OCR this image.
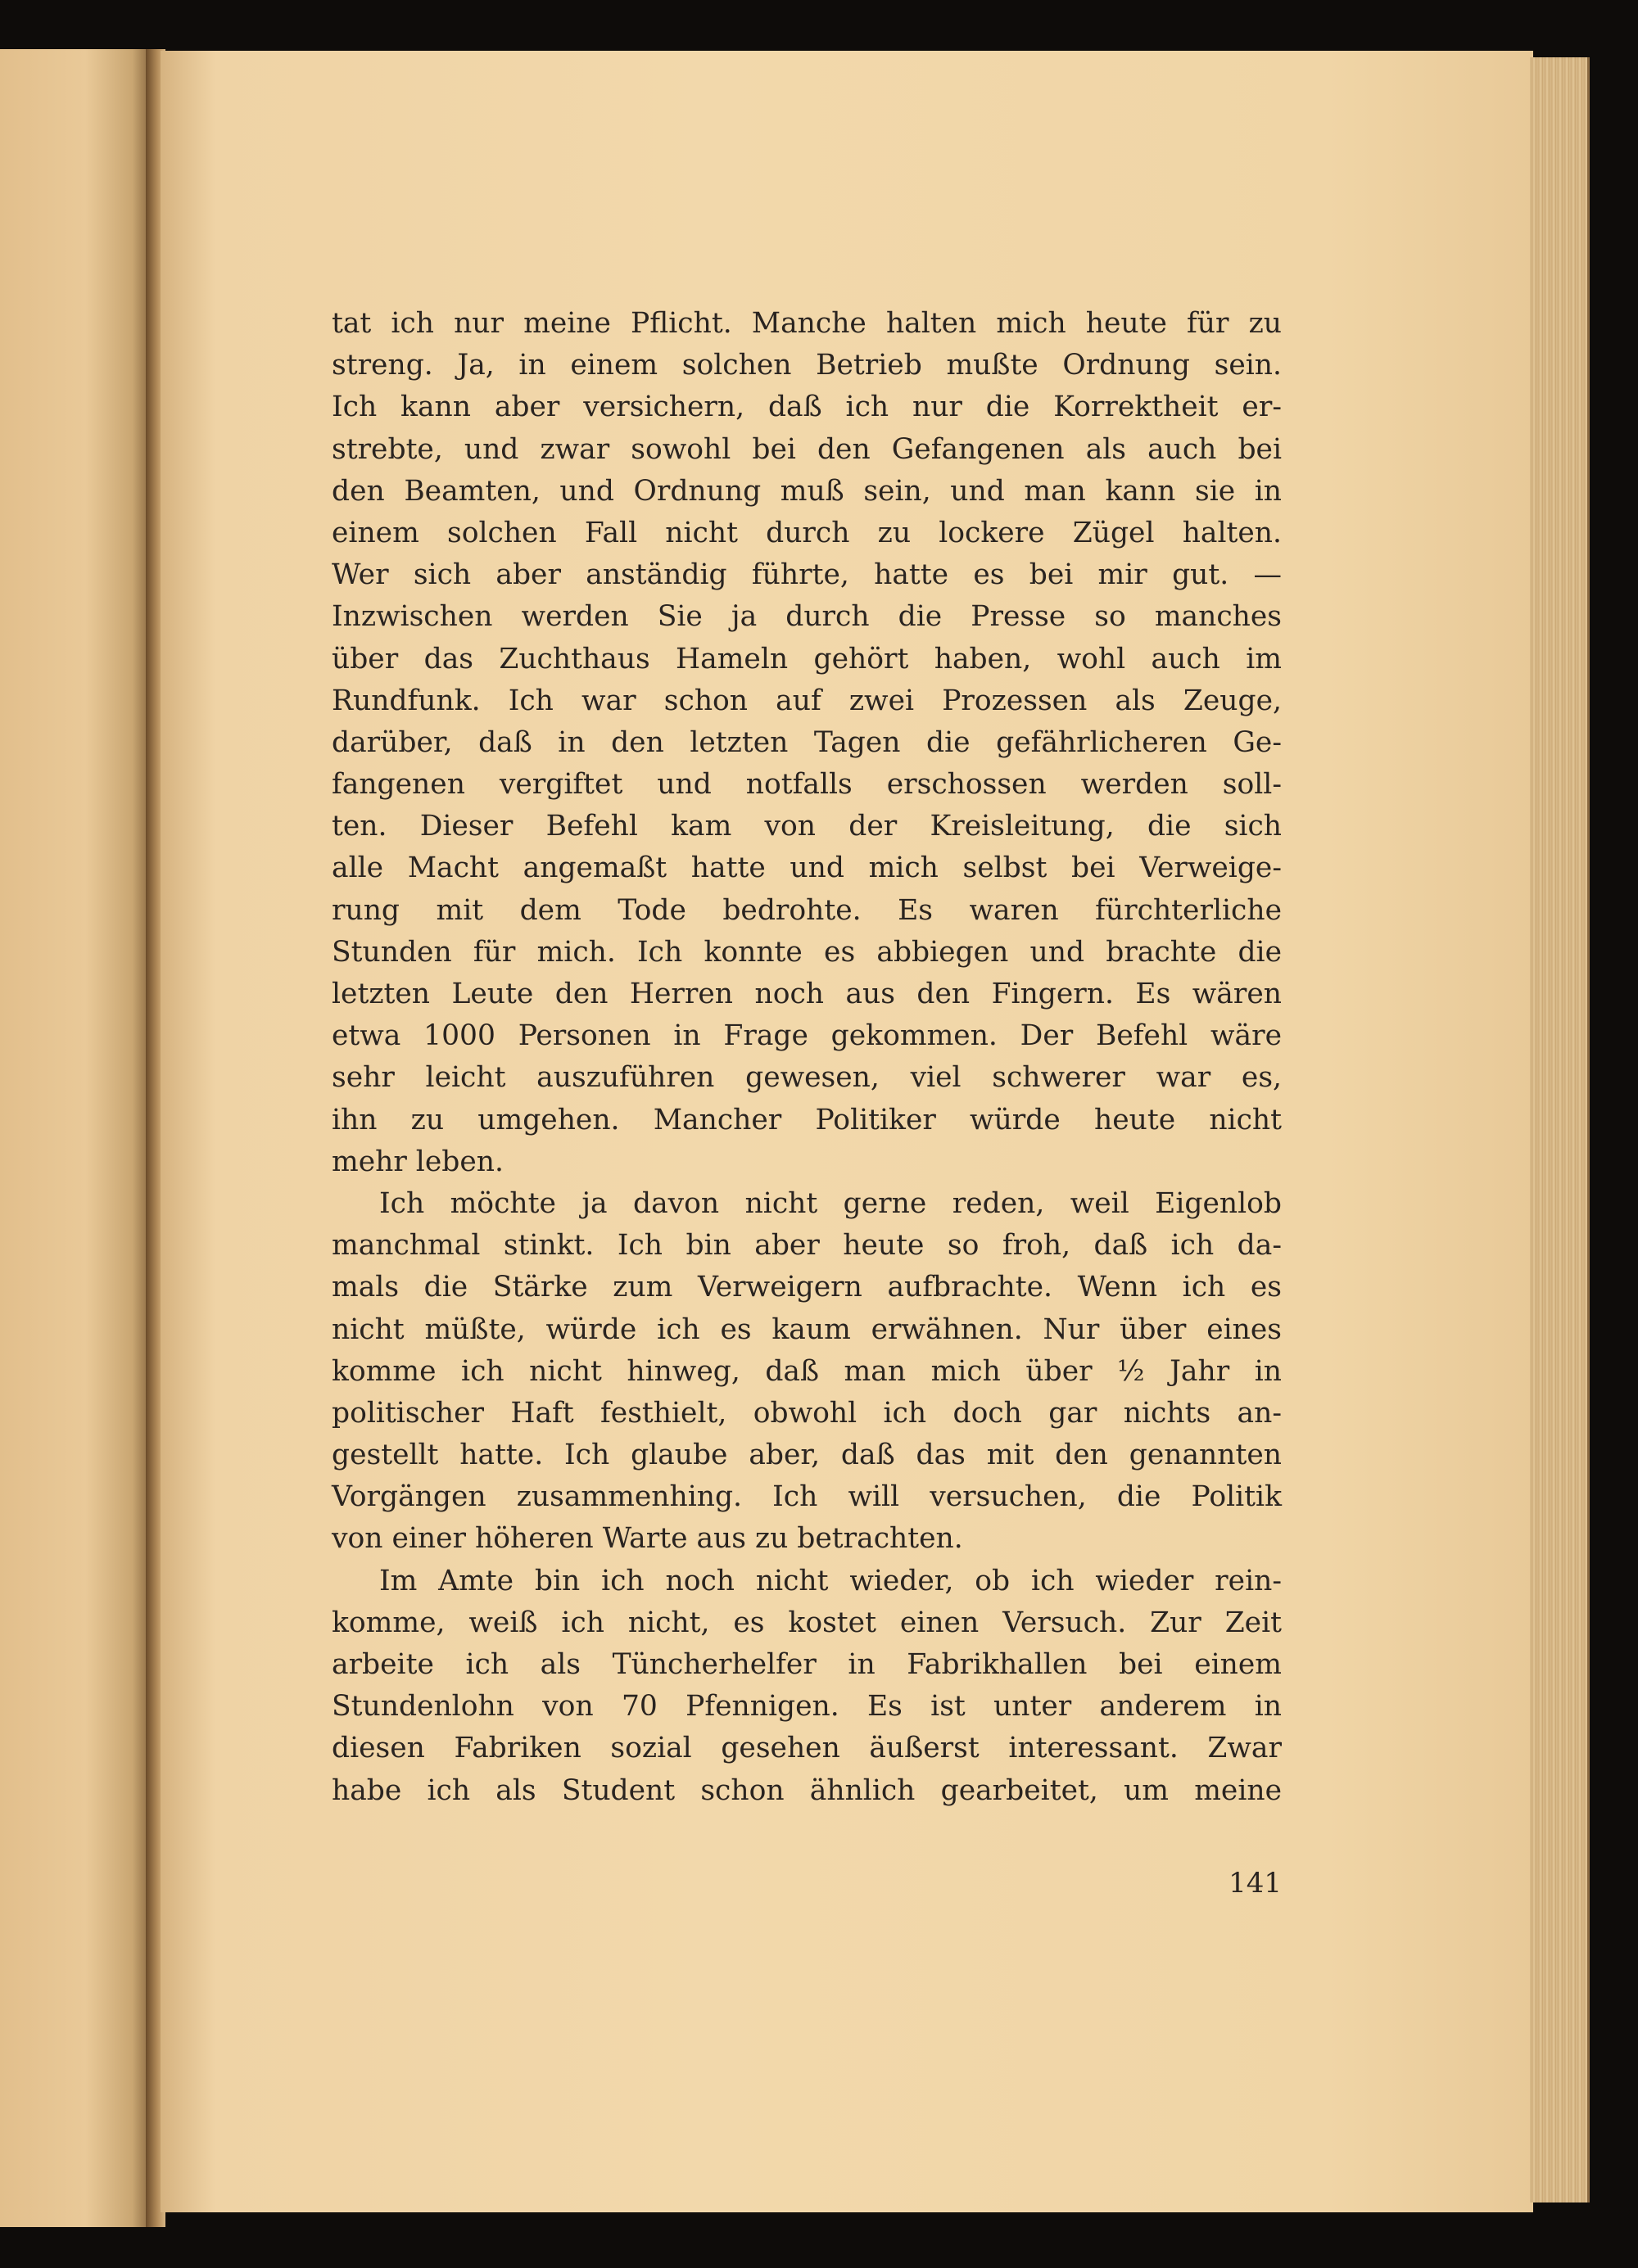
tat ich nur meine Pflicht. Manche halten mich heute für zu
streng. Ja, in einem solchen Betrieb mußte Ordnung sein.
Ich kann aber versichern, daß ich nur die Korrektheit er-
strebte, und zwar sowohl bei den Gefangenen als auch bei
den Beamten, und Ordnung muß sein, und man kann sie in
einem solchen Fall nicht durch zu lockere Zügel halten.
Wer sich aber anständig führte, hatte es bei mir gut. —
Inzwischen werden Sie ja durch die Presse so manches
über das Zuchthaus Hameln gehört haben, wohl auch im
Rundfunk. Ich war schon auf zwei Prozessen als Zeuge,
darüber, daß in den letzten Tagen die gefährlicheren Ge-
fangenen vergiftet und notfalls erschossen werden soll-
ten. Dieser Befehl kam von der Kreisleitung, die sich
alle Macht angemaßt hatte und mich selbst bei Verweige-
rung mit dem Tode bedrohte. Es waren fürchterliche
Stunden für mich. Ich konnte es abbiegen und brachte die
letzten Leute den Herren noch aus den Fingern. Es wären
etwa 1000 Personen in Frage gekommen. Der Befehl wäre
sehr leicht auszuführen gewesen, viel schwerer war es,
ihn zu umgehen. Mancher Politiker würde heute nicht
mehr leben.
Ich möchte ja davon nicht gerne reden, weil Eigenlob
manchmal stinkt. Ich bin aber heute so froh, daß ich da-
mals die Stärke zum Verweigern aufbrachte. Wenn ich es
nicht müßte, würde ich es kaum erwähnen. Nur über eines
komme ich nicht hinweg, daß man mich über ½ Jahr in
politischer Haft festhielt, obwohl ich doch gar nichts an-
gestellt hatte. Ich glaube aber, daß das mit den genannten
Vorgängen zusammenhing. Ich will versuchen, die Politik
von einer höheren Warte aus zu betrachten.
Im Amte bin ich noch nicht wieder, ob ich wieder rein-
komme, weiß ich nicht, es kostet einen Versuch. Zur Zeit
arbeite ich als Tüncherhelfer in Fabrikhallen bei einem
Stundenlohn von 70 Pfennigen. Es ist unter anderem in
diesen Fabriken sozial gesehen äußerst interessant. Zwar
habe ich als Student schon ähnlich gearbeitet, um meine
141
